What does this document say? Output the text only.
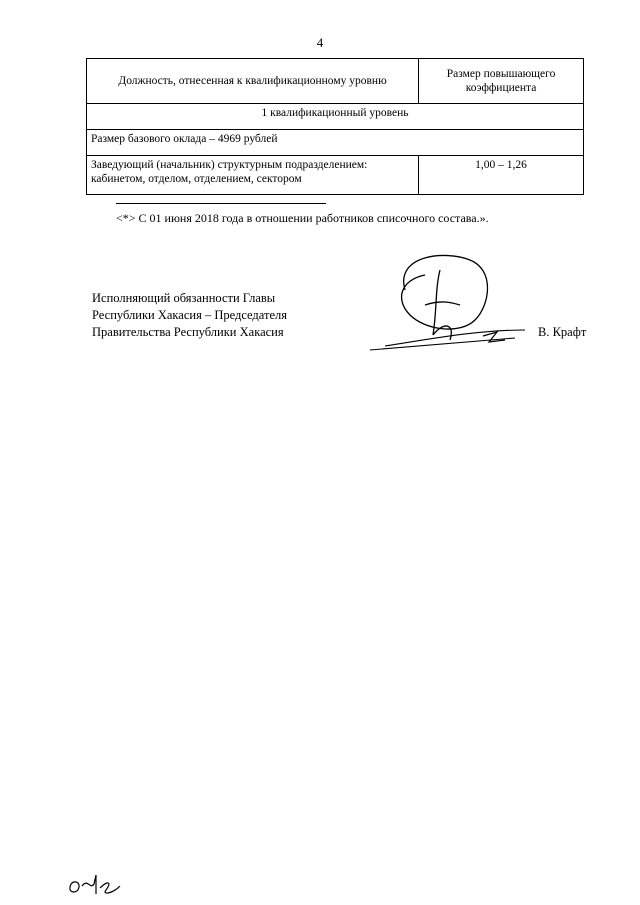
4
Должность, отнесенная к квалификационному уровню	Размер повышающего коэффициента
1 квалификационный уровень	
Размер базового оклада – 4969 рублей	
Заведующий (начальник) структурным подразделением: кабинетом, отделом, отделением, сектором	1,00 – 1,26
<*> С 01 июня 2018 года в отношении работников списочного состава.».
Исполняющий обязанности Главы
Республики Хакасия – Председателя
Правительства Республики Хакасия	В. Крафт
